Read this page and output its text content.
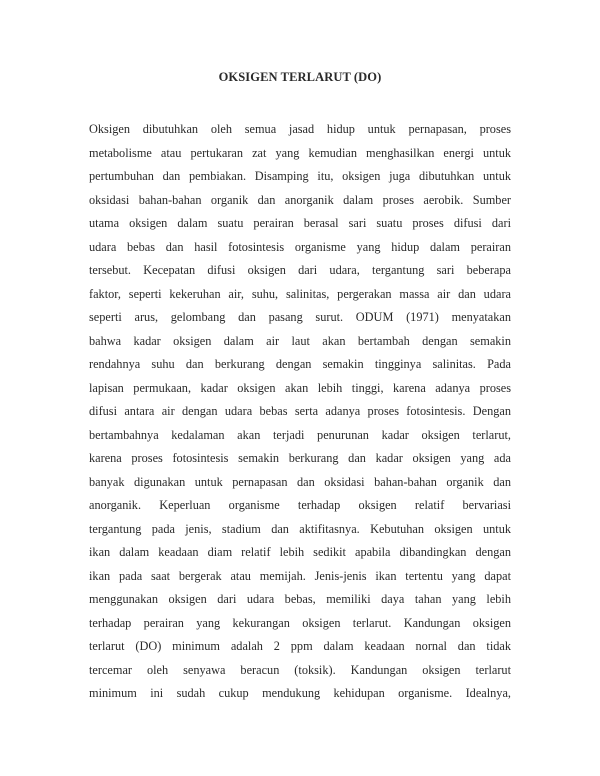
OKSIGEN TERLARUT (DO)
Oksigen dibutuhkan oleh semua jasad hidup untuk pernapasan, proses
metabolisme atau pertukaran zat yang kemudian menghasilkan energi untuk
pertumbuhan dan pembiakan. Disamping itu, oksigen juga dibutuhkan untuk
oksidasi bahan-bahan organik dan anorganik dalam proses aerobik. Sumber
utama oksigen dalam suatu perairan berasal sari suatu proses difusi dari
udara bebas dan hasil fotosintesis organisme yang hidup dalam perairan
tersebut. Kecepatan difusi oksigen dari udara, tergantung sari beberapa
faktor, seperti kekeruhan air, suhu, salinitas, pergerakan massa air dan udara
seperti arus, gelombang dan pasang surut. ODUM (1971) menyatakan
bahwa kadar oksigen dalam air laut akan bertambah dengan semakin
rendahnya suhu dan berkurang dengan semakin tingginya salinitas. Pada
lapisan permukaan, kadar oksigen akan lebih tinggi, karena adanya proses
difusi antara air dengan udara bebas serta adanya proses fotosintesis. Dengan
bertambahnya kedalaman akan terjadi penurunan kadar oksigen terlarut,
karena proses fotosintesis semakin berkurang dan kadar oksigen yang ada
banyak digunakan untuk pernapasan dan oksidasi bahan-bahan organik dan
anorganik. Keperluan organisme terhadap oksigen relatif bervariasi
tergantung pada jenis, stadium dan aktifitasnya. Kebutuhan oksigen untuk
ikan dalam keadaan diam relatif lebih sedikit apabila dibandingkan dengan
ikan pada saat bergerak atau memijah. Jenis-jenis ikan tertentu yang dapat
menggunakan oksigen dari udara bebas, memiliki daya tahan yang lebih
terhadap perairan yang kekurangan oksigen terlarut. Kandungan oksigen
terlarut (DO) minimum adalah 2 ppm dalam keadaan nornal dan tidak
tercemar oleh senyawa beracun (toksik). Kandungan oksigen terlarut
minimum ini sudah cukup mendukung kehidupan organisme. Idealnya,
